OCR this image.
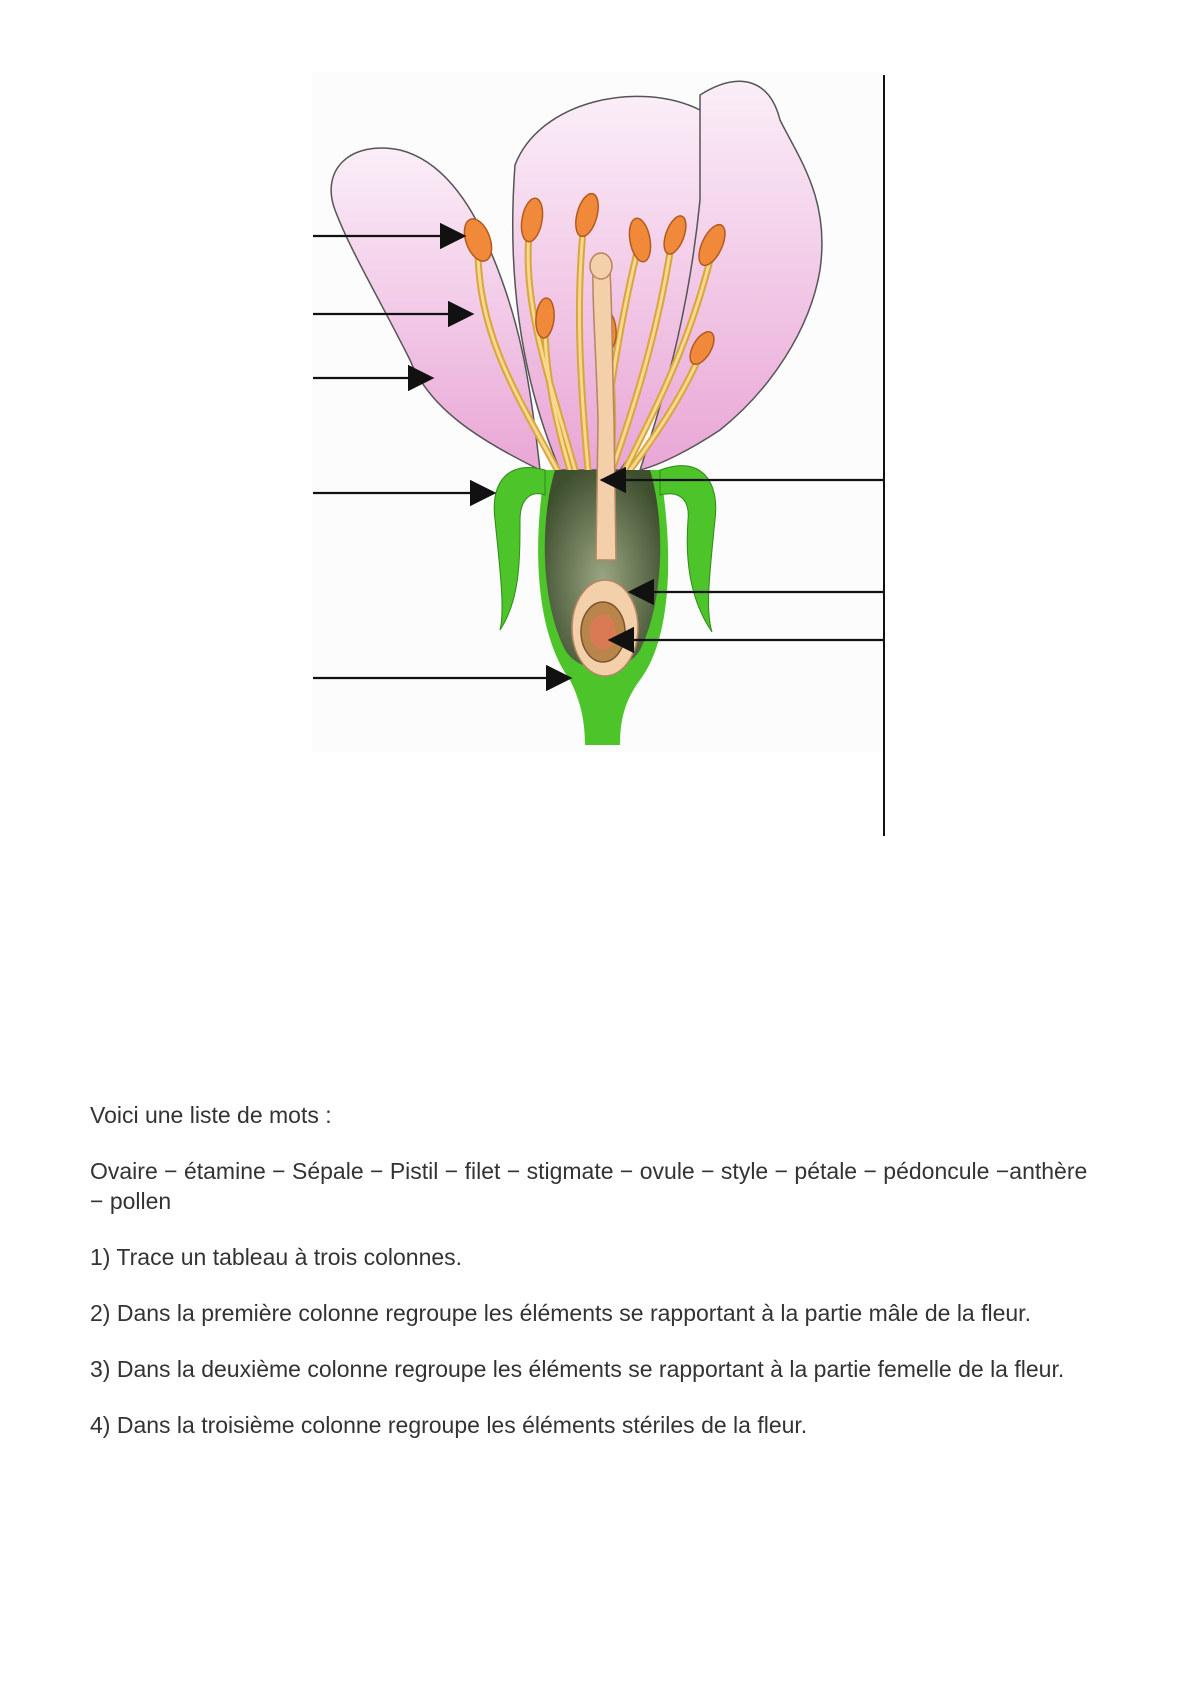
Voici une liste de mots :

Ovaire − étamine − Sépale − Pistil − filet − stigmate − ovule − style − pétale − pédoncule −anthère − pollen

1) Trace un tableau à trois colonnes.

2) Dans la première colonne regroupe les éléments se rapportant à la partie mâle de la fleur.

3) Dans la deuxième colonne regroupe les éléments se rapportant à la partie femelle de la fleur.

4) Dans la troisième colonne regroupe les éléments stériles de la fleur.
